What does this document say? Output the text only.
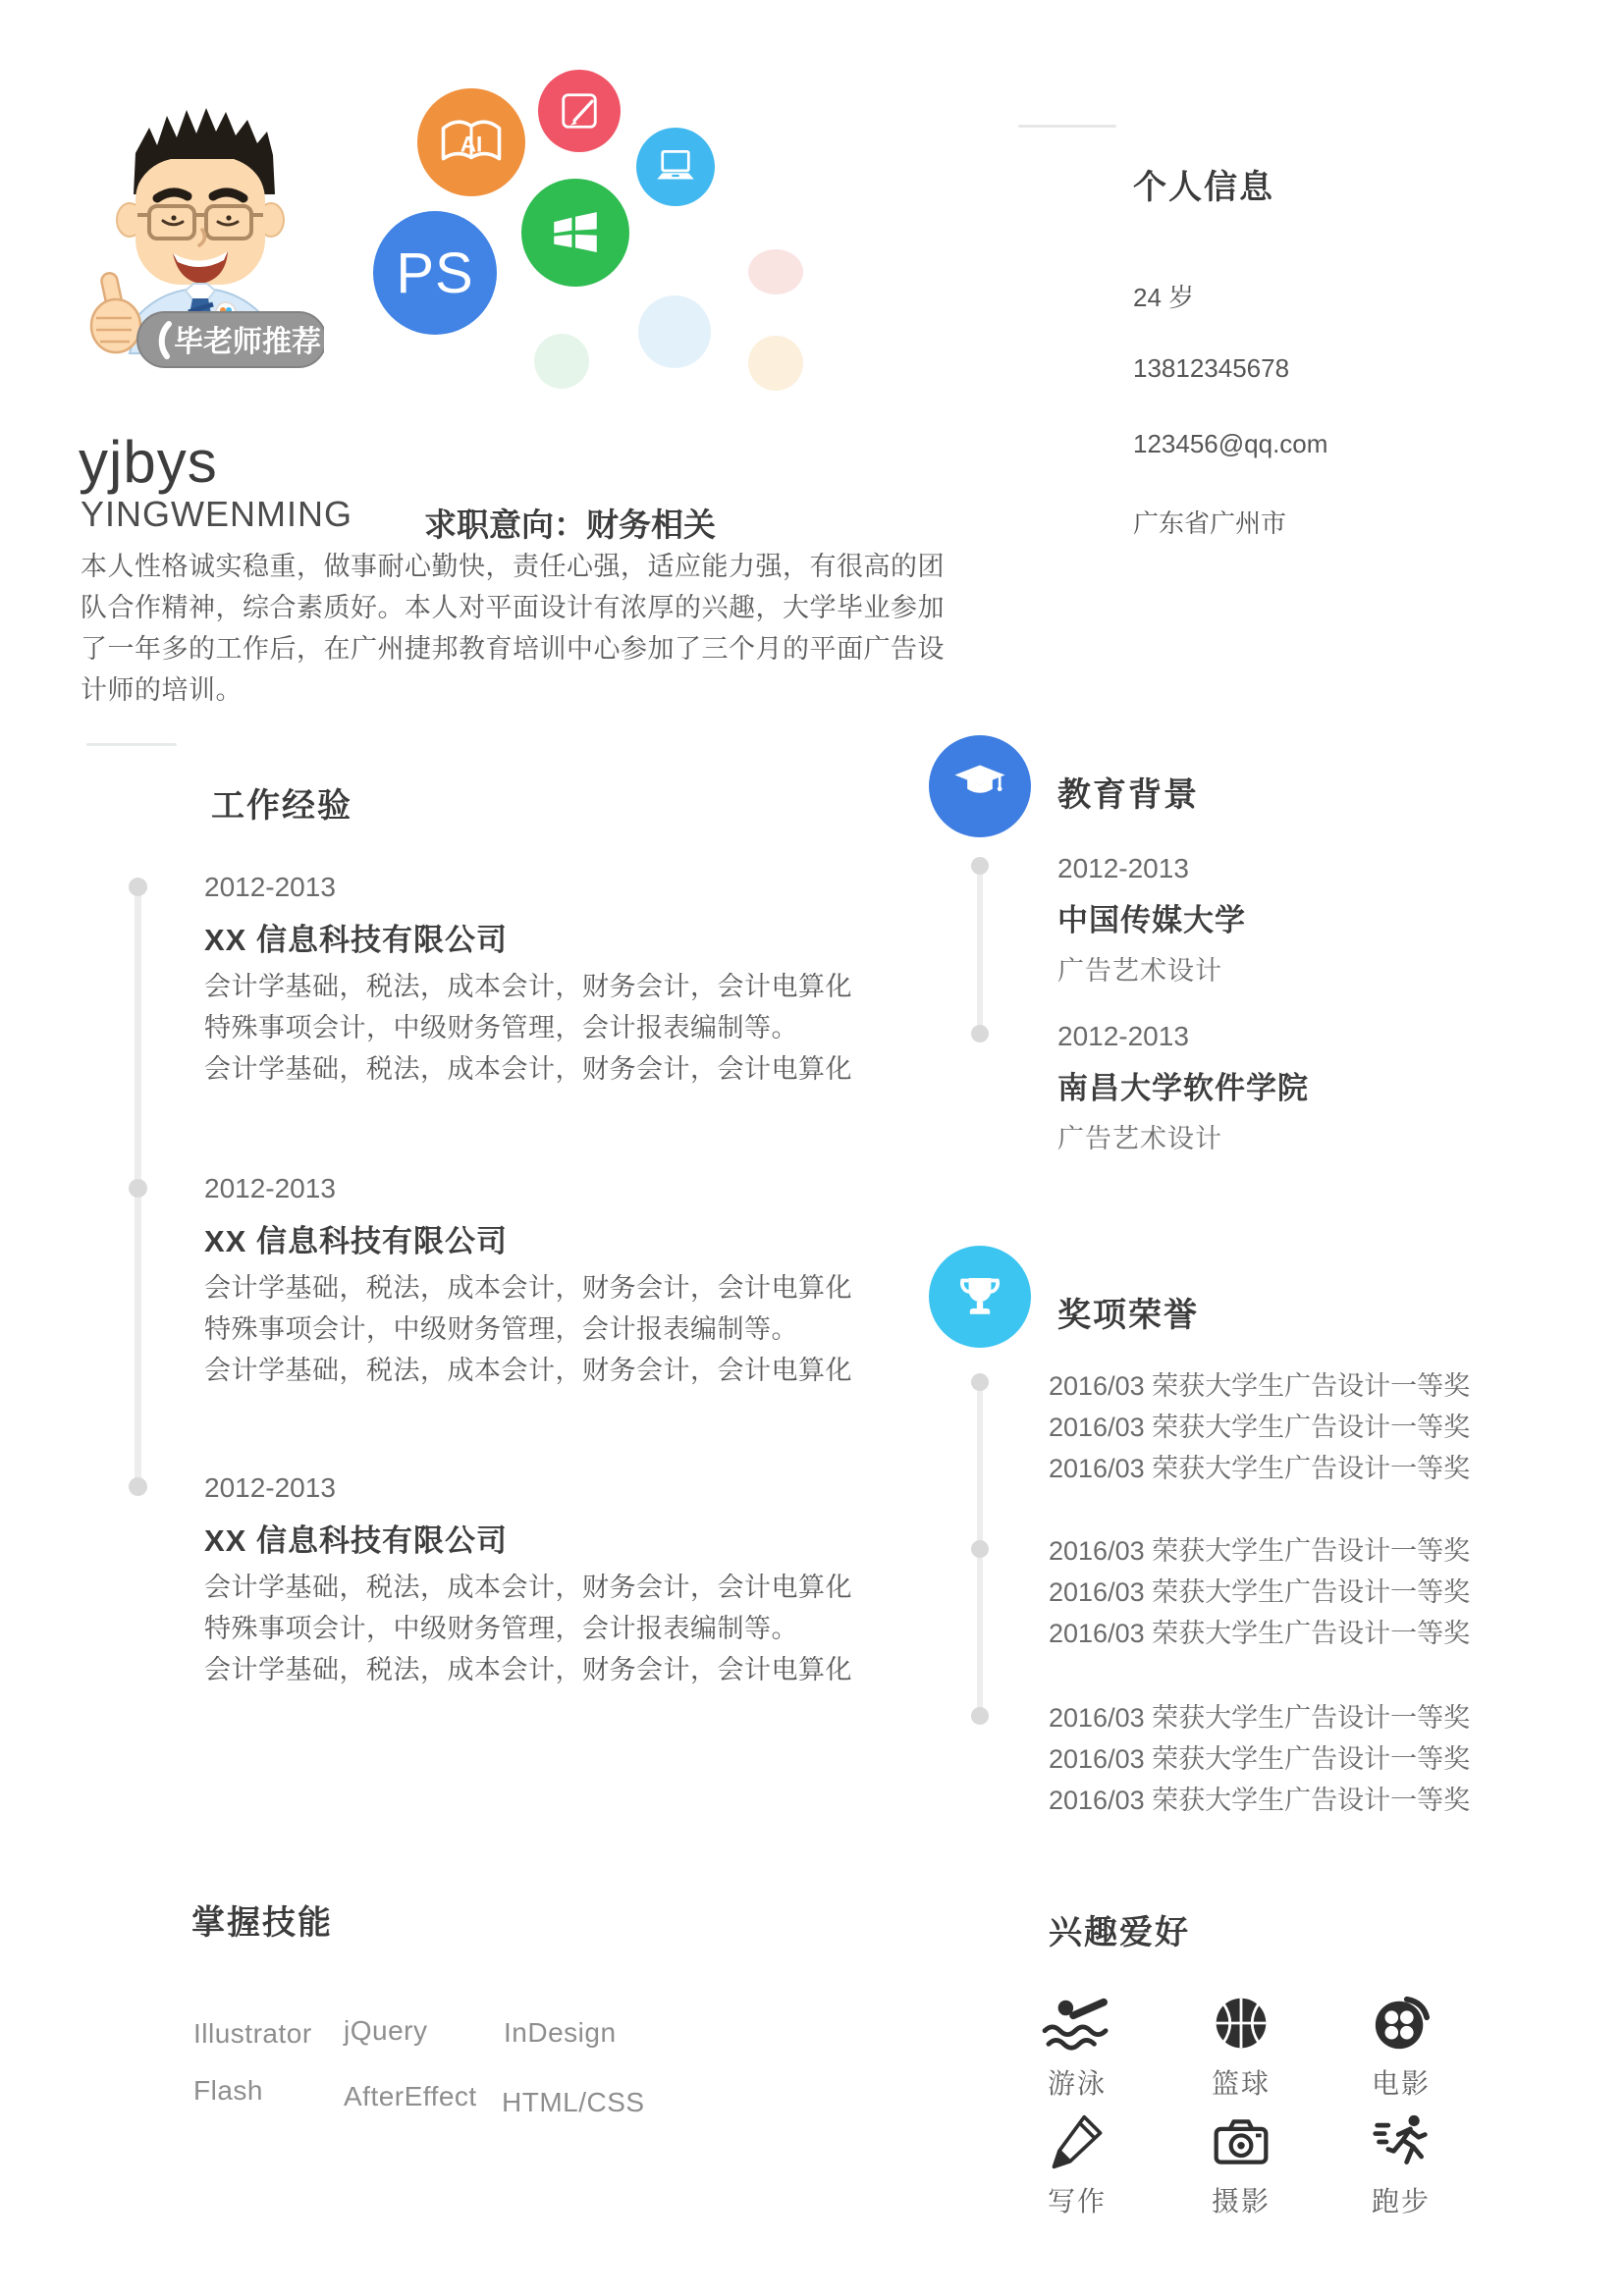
毕老师推荐
AI
PS
个人信息
24 岁
13812345678
123456@qq.com
广东省广州市
yjbys
YINGWENMING 求职意向：财务相关
本人性格诚实稳重，做事耐心勤快，责任心强，适应能力强，有很高的团
队合作精神，综合素质好。本人对平面设计有浓厚的兴趣，大学毕业参加
了一年多的工作后，在广州捷邦教育培训中心参加了三个月的平面广告设
计师的培训。
工作经验
2012-2013
XX 信息科技有限公司
会计学基础，税法，成本会计，财务会计，会计电算化
特殊事项会计，中级财务管理，会计报表编制等。
会计学基础，税法，成本会计，财务会计，会计电算化
2012-2013
XX 信息科技有限公司
会计学基础，税法，成本会计，财务会计，会计电算化
特殊事项会计，中级财务管理，会计报表编制等。
会计学基础，税法，成本会计，财务会计，会计电算化
2012-2013
XX 信息科技有限公司
会计学基础，税法，成本会计，财务会计，会计电算化
特殊事项会计，中级财务管理，会计报表编制等。
会计学基础，税法，成本会计，财务会计，会计电算化
教育背景
2012-2013
中国传媒大学
广告艺术设计
2012-2013
南昌大学软件学院
广告艺术设计
奖项荣誉
2016/03 荣获大学生广告设计一等奖
2016/03 荣获大学生广告设计一等奖
2016/03 荣获大学生广告设计一等奖
2016/03 荣获大学生广告设计一等奖
2016/03 荣获大学生广告设计一等奖
2016/03 荣获大学生广告设计一等奖
2016/03 荣获大学生广告设计一等奖
2016/03 荣获大学生广告设计一等奖
2016/03 荣获大学生广告设计一等奖
掌握技能
Illustrator jQuery	InDesign
Flash	AfterEffect HTML/CSS
兴趣爱好
游泳	篮球	电影
写作	摄影	跑步
